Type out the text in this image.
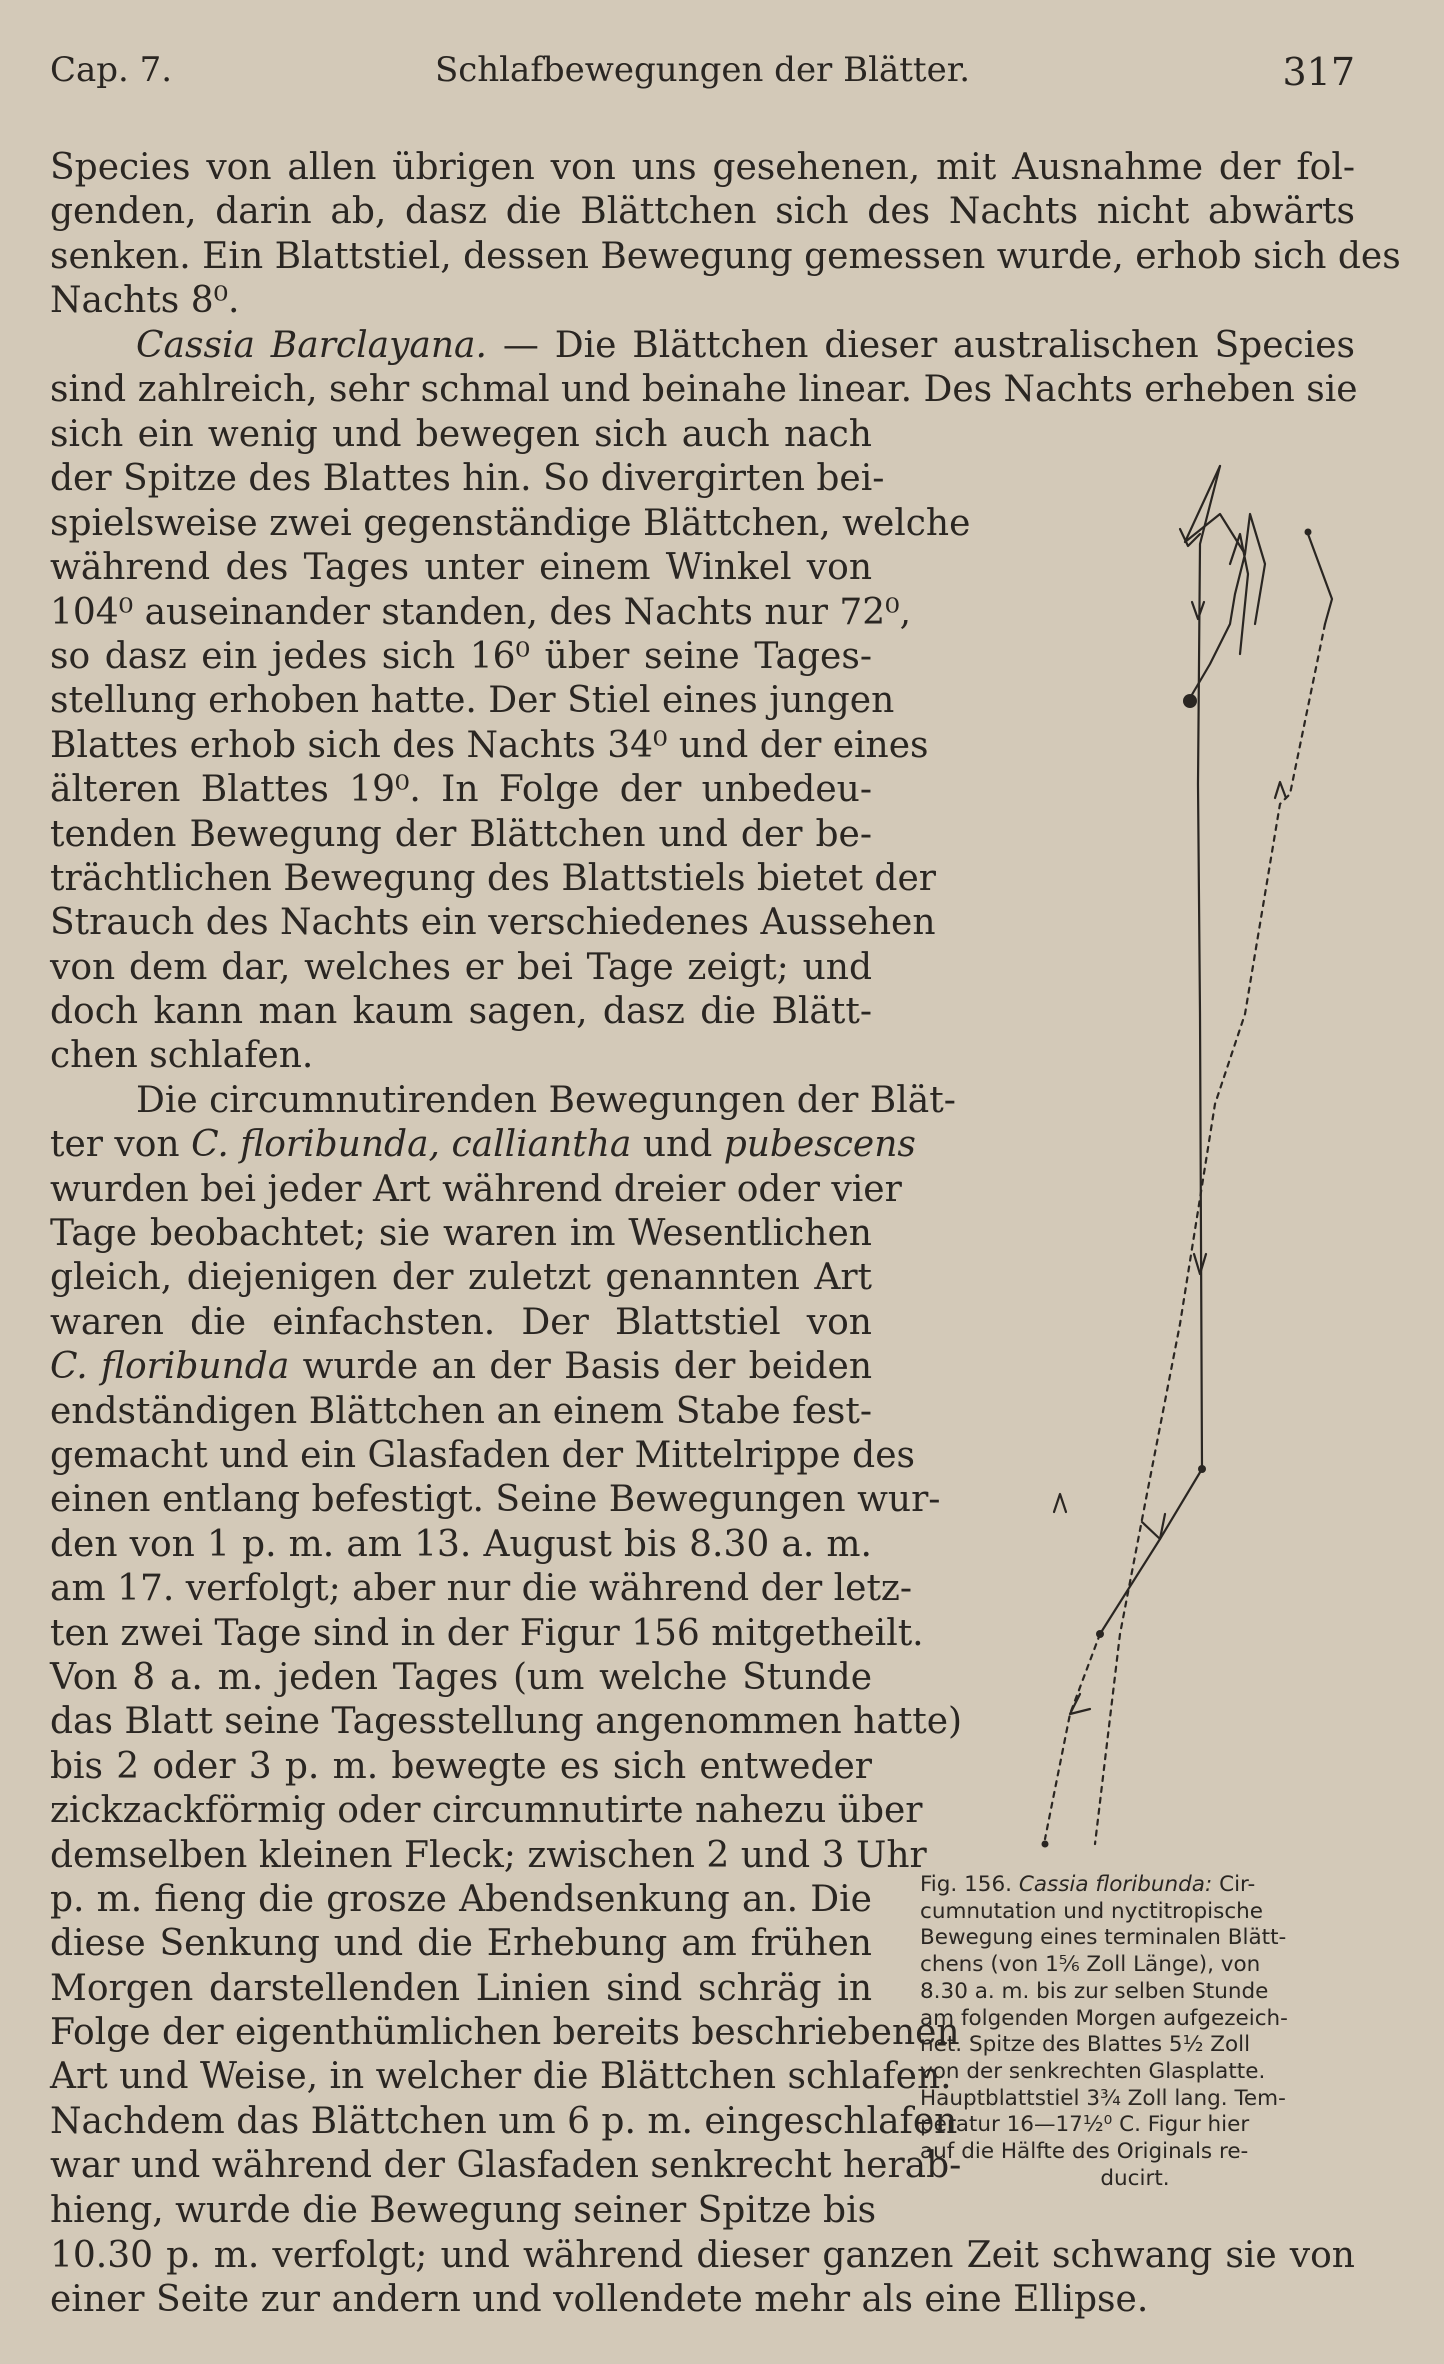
Cap. 7.	Schlafbewegungen der Blätter.	317
Species von allen übrigen von uns gesehenen, mit Ausnahme der fol-
genden, darin ab, dasz die Blättchen sich des Nachts nicht abwärts
senken. Ein Blattstiel, dessen Bewegung gemessen wurde, erhob sich des
Nachts 8⁰.
Cassia Barclayana. — Die Blättchen dieser australischen Species
sind zahlreich, sehr schmal und beinahe linear. Des Nachts erheben sie
sich ein wenig und bewegen sich auch nach
der Spitze des Blattes hin. So divergirten bei-
spielsweise zwei gegenständige Blättchen, welche
während des Tages unter einem Winkel von
104⁰ auseinander standen, des Nachts nur 72⁰,
so dasz ein jedes sich 16⁰ über seine Tages-
stellung erhoben hatte. Der Stiel eines jungen
Blattes erhob sich des Nachts 34⁰ und der eines
älteren Blattes 19⁰. In Folge der unbedeu-
tenden Bewegung der Blättchen und der be-
trächtlichen Bewegung des Blattstiels bietet der
Strauch des Nachts ein verschiedenes Aussehen
von dem dar, welches er bei Tage zeigt; und
doch kann man kaum sagen, dasz die Blätt-
chen schlafen.
Die circumnutirenden Bewegungen der Blät-
ter von C. floribunda, calliantha und pubescens
wurden bei jeder Art während dreier oder vier
Tage beobachtet; sie waren im Wesentlichen
gleich, diejenigen der zuletzt genannten Art
waren die einfachsten. Der Blattstiel von
C. floribunda wurde an der Basis der beiden
endständigen Blättchen an einem Stabe fest-
gemacht und ein Glasfaden der Mittelrippe des
einen entlang befestigt. Seine Bewegungen wur-
den von 1 p. m. am 13. August bis 8.30 a. m.
am 17. verfolgt; aber nur die während der letz-
ten zwei Tage sind in der Figur 156 mitgetheilt.
Von 8 a. m. jeden Tages (um welche Stunde
das Blatt seine Tagesstellung angenommen hatte)
bis 2 oder 3 p. m. bewegte es sich entweder
zickzackförmig oder circumnutirte nahezu über
demselben kleinen Fleck; zwischen 2 und 3 Uhr
p. m. fieng die grosze Abendsenkung an. Die
diese Senkung und die Erhebung am frühen
Morgen darstellenden Linien sind schräg in
Folge der eigenthümlichen bereits beschriebenen
Art und Weise, in welcher die Blättchen schlafen.
Nachdem das Blättchen um 6 p. m. eingeschlafen
war und während der Glasfaden senkrecht herab-
hieng, wurde die Bewegung seiner Spitze bis
10.30 p. m. verfolgt; und während dieser ganzen Zeit schwang sie von
einer Seite zur andern und vollendete mehr als eine Ellipse.
Fig. 156. Cassia floribunda: Cir-
cumnutation und nyctitropische
Bewegung eines terminalen Blätt-
chens (von 1⁵⁄₆ Zoll Länge), von
8.30 a. m. bis zur selben Stunde
am folgenden Morgen aufgezeich-
net. Spitze des Blattes 5¹⁄₂ Zoll
von der senkrechten Glasplatte.
Hauptblattstiel 3³⁄₄ Zoll lang. Tem-
peratur 16—17¹⁄₂⁰ C. Figur hier
auf die Hälfte des Originals re-
ducirt.
